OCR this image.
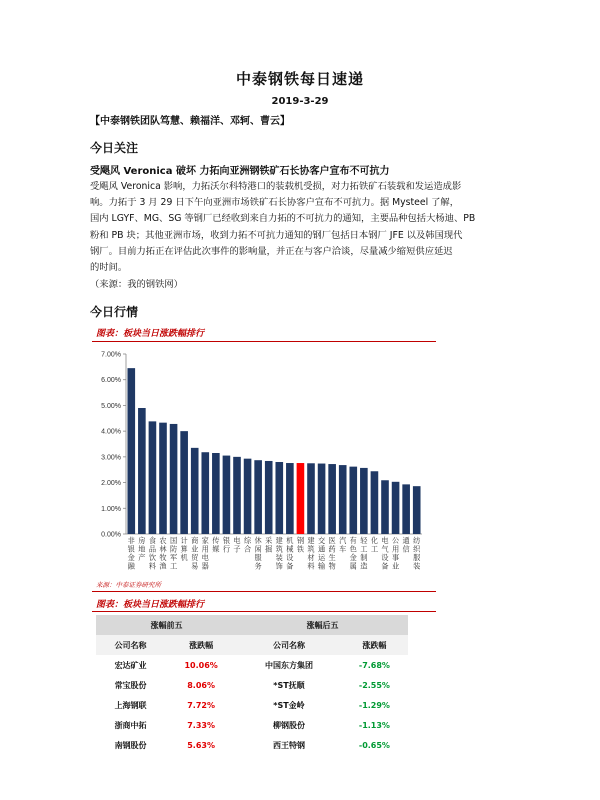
中泰钢铁每日速递
2019-3-29
【中泰钢铁团队笃慧、赖福洋、邓轲、曹云】
今日关注
受飓风 Veronica 破坏 力拓向亚洲钢铁矿石长协客户宣布不可抗力

受飓风 Veronica 影响，力拓沃尔科特港口的装载机受损，对力拓铁矿石装载和发运造成影

响。力拓于 3 月 29 日下午向亚洲市场铁矿石长协客户宣布不可抗力。据 Mysteel 了解，

国内 LGYF、MG、SG 等钢厂已经收到来自力拓的不可抗力的通知，主要品种包括大杨迪、PB

粉和 PB 块；其他亚洲市场，收到力拓不可抗力通知的钢厂包括日本钢厂 JFE 以及韩国现代

钢厂。目前力拓正在评估此次事件的影响量，并正在与客户洽谈，尽量减少缩短供应延迟

的时间。

（来源：我的钢铁网）
今日行情
图表：板块当日涨跌幅排行
0.00%
1.00%
2.00%
3.00%
4.00%
5.00%
6.00%
7.00%
非
银
金
融
房
地
产
食
品
饮
料
农
林
牧
渔
国
防
军
工
计
算
机
商
业
贸
易
家
用
电
器
传
媒
银
行
电
子
综
合
休
闲
服
务
采
掘
建
筑
装
饰
机
械
设
备
钢
铁
建
筑
材
料
交
通
运
输
医
药
生
物
汽
车
有
色
金
属
轻
工
制
造
化
工
电
气
设
备
公
用
事
业
通
信
纺
织
服
装
来源：中泰证券研究所
图表：板块当日涨跌幅排行
涨幅前五		涨幅后五	
公司名称	涨跌幅	公司名称	涨跌幅
宏达矿业	10.06%	中国东方集团	-7.68%
常宝股份	8.06%	*ST抚顺	-2.55%
上海钢联	7.72%	*ST金岭	-1.29%
浙商中拓	7.33%	柳钢股份	-1.13%
南钢股份	5.63%	西王特钢	-0.65%
